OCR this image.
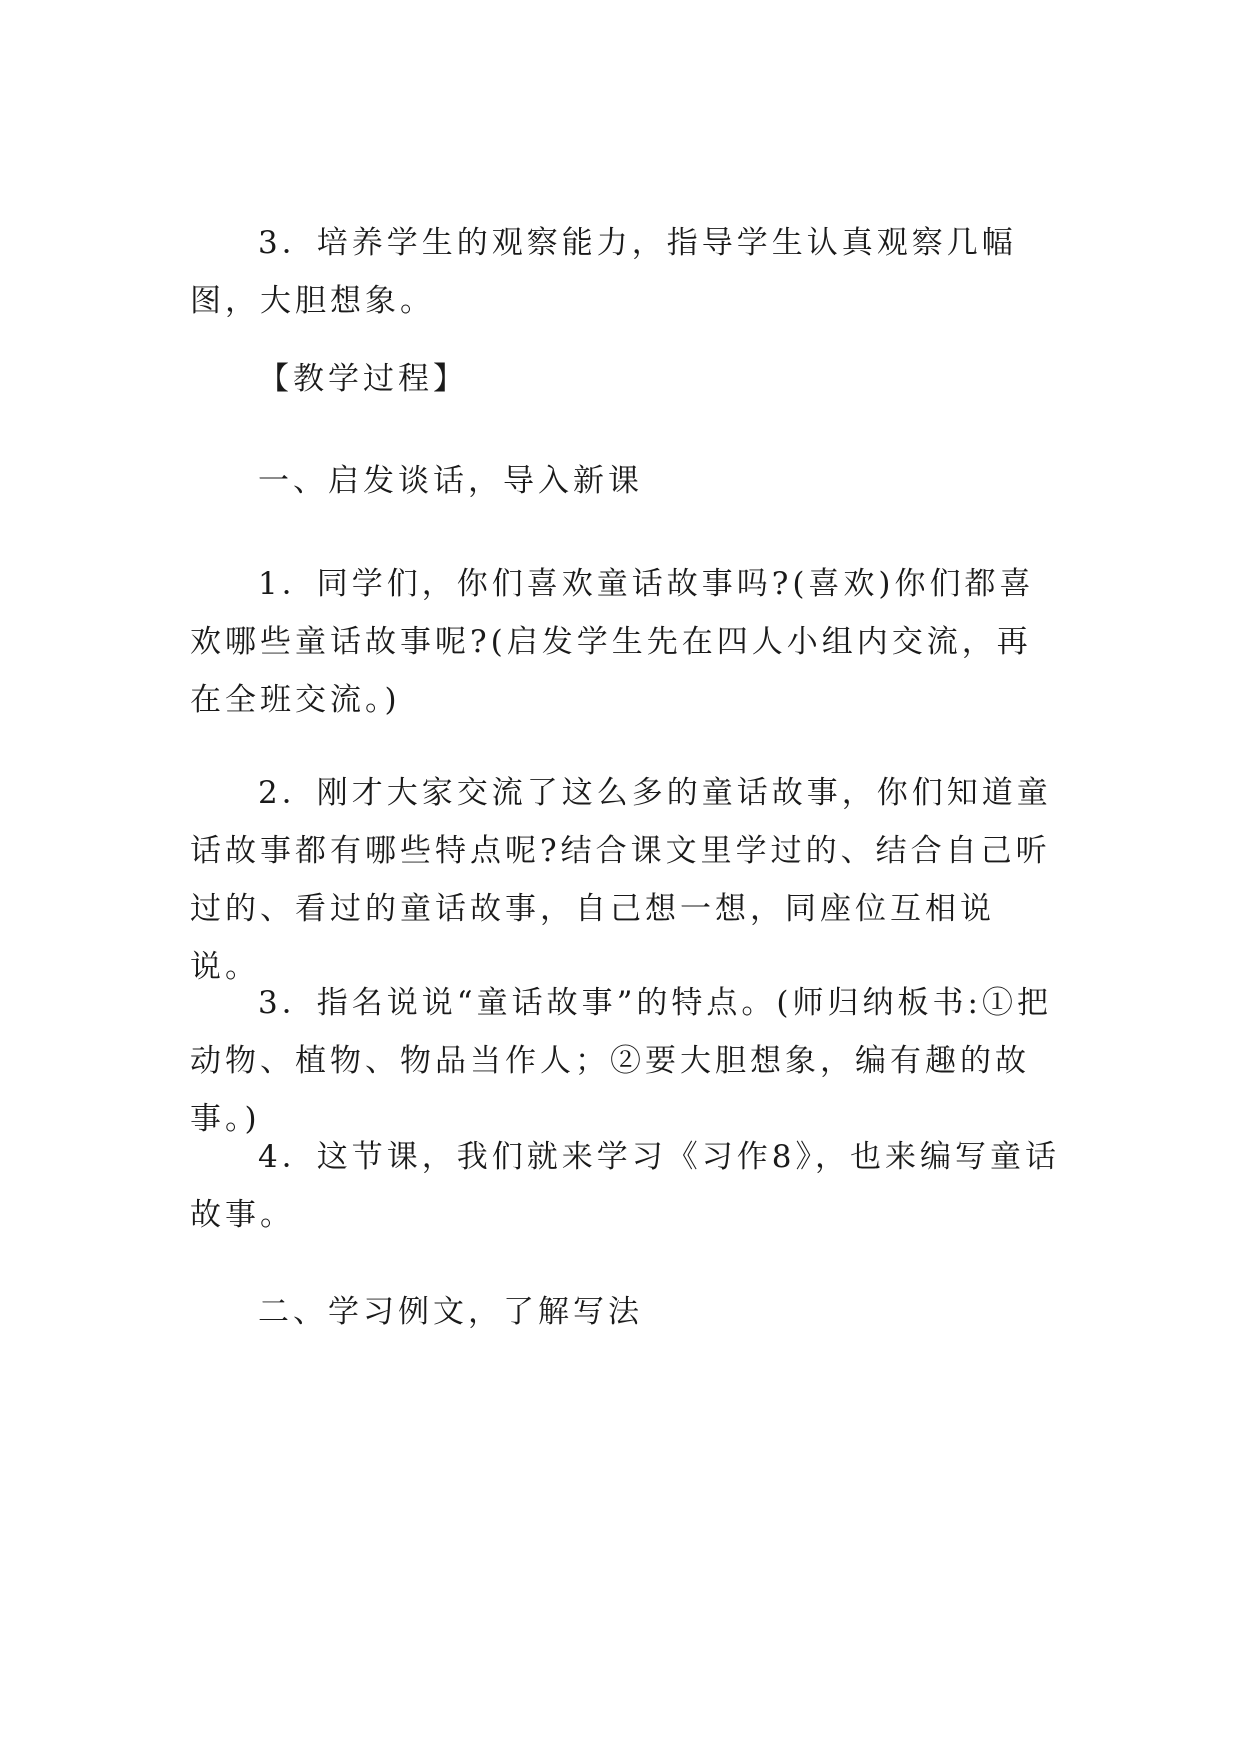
3．培养学生的观察能力，指导学生认真观察几幅图，大胆想象。

【教学过程】

一、启发谈话，导入新课

1．同学们，你们喜欢童话故事吗?(喜欢)你们都喜欢哪些童话故事呢?(启发学生先在四人小组内交流，再在全班交流。)

2．刚才大家交流了这么多的童话故事，你们知道童话故事都有哪些特点呢?结合课文里学过的、结合自己听过的、看过的童话故事，自己想一想，同座位互相说说。

3．指名说说“童话故事”的特点。(师归纳板书:①把动物、植物、物品当作人；②要大胆想象，编有趣的故事。)

4．这节课，我们就来学习《习作8》，也来编写童话故事。

二、学习例文，了解写法
